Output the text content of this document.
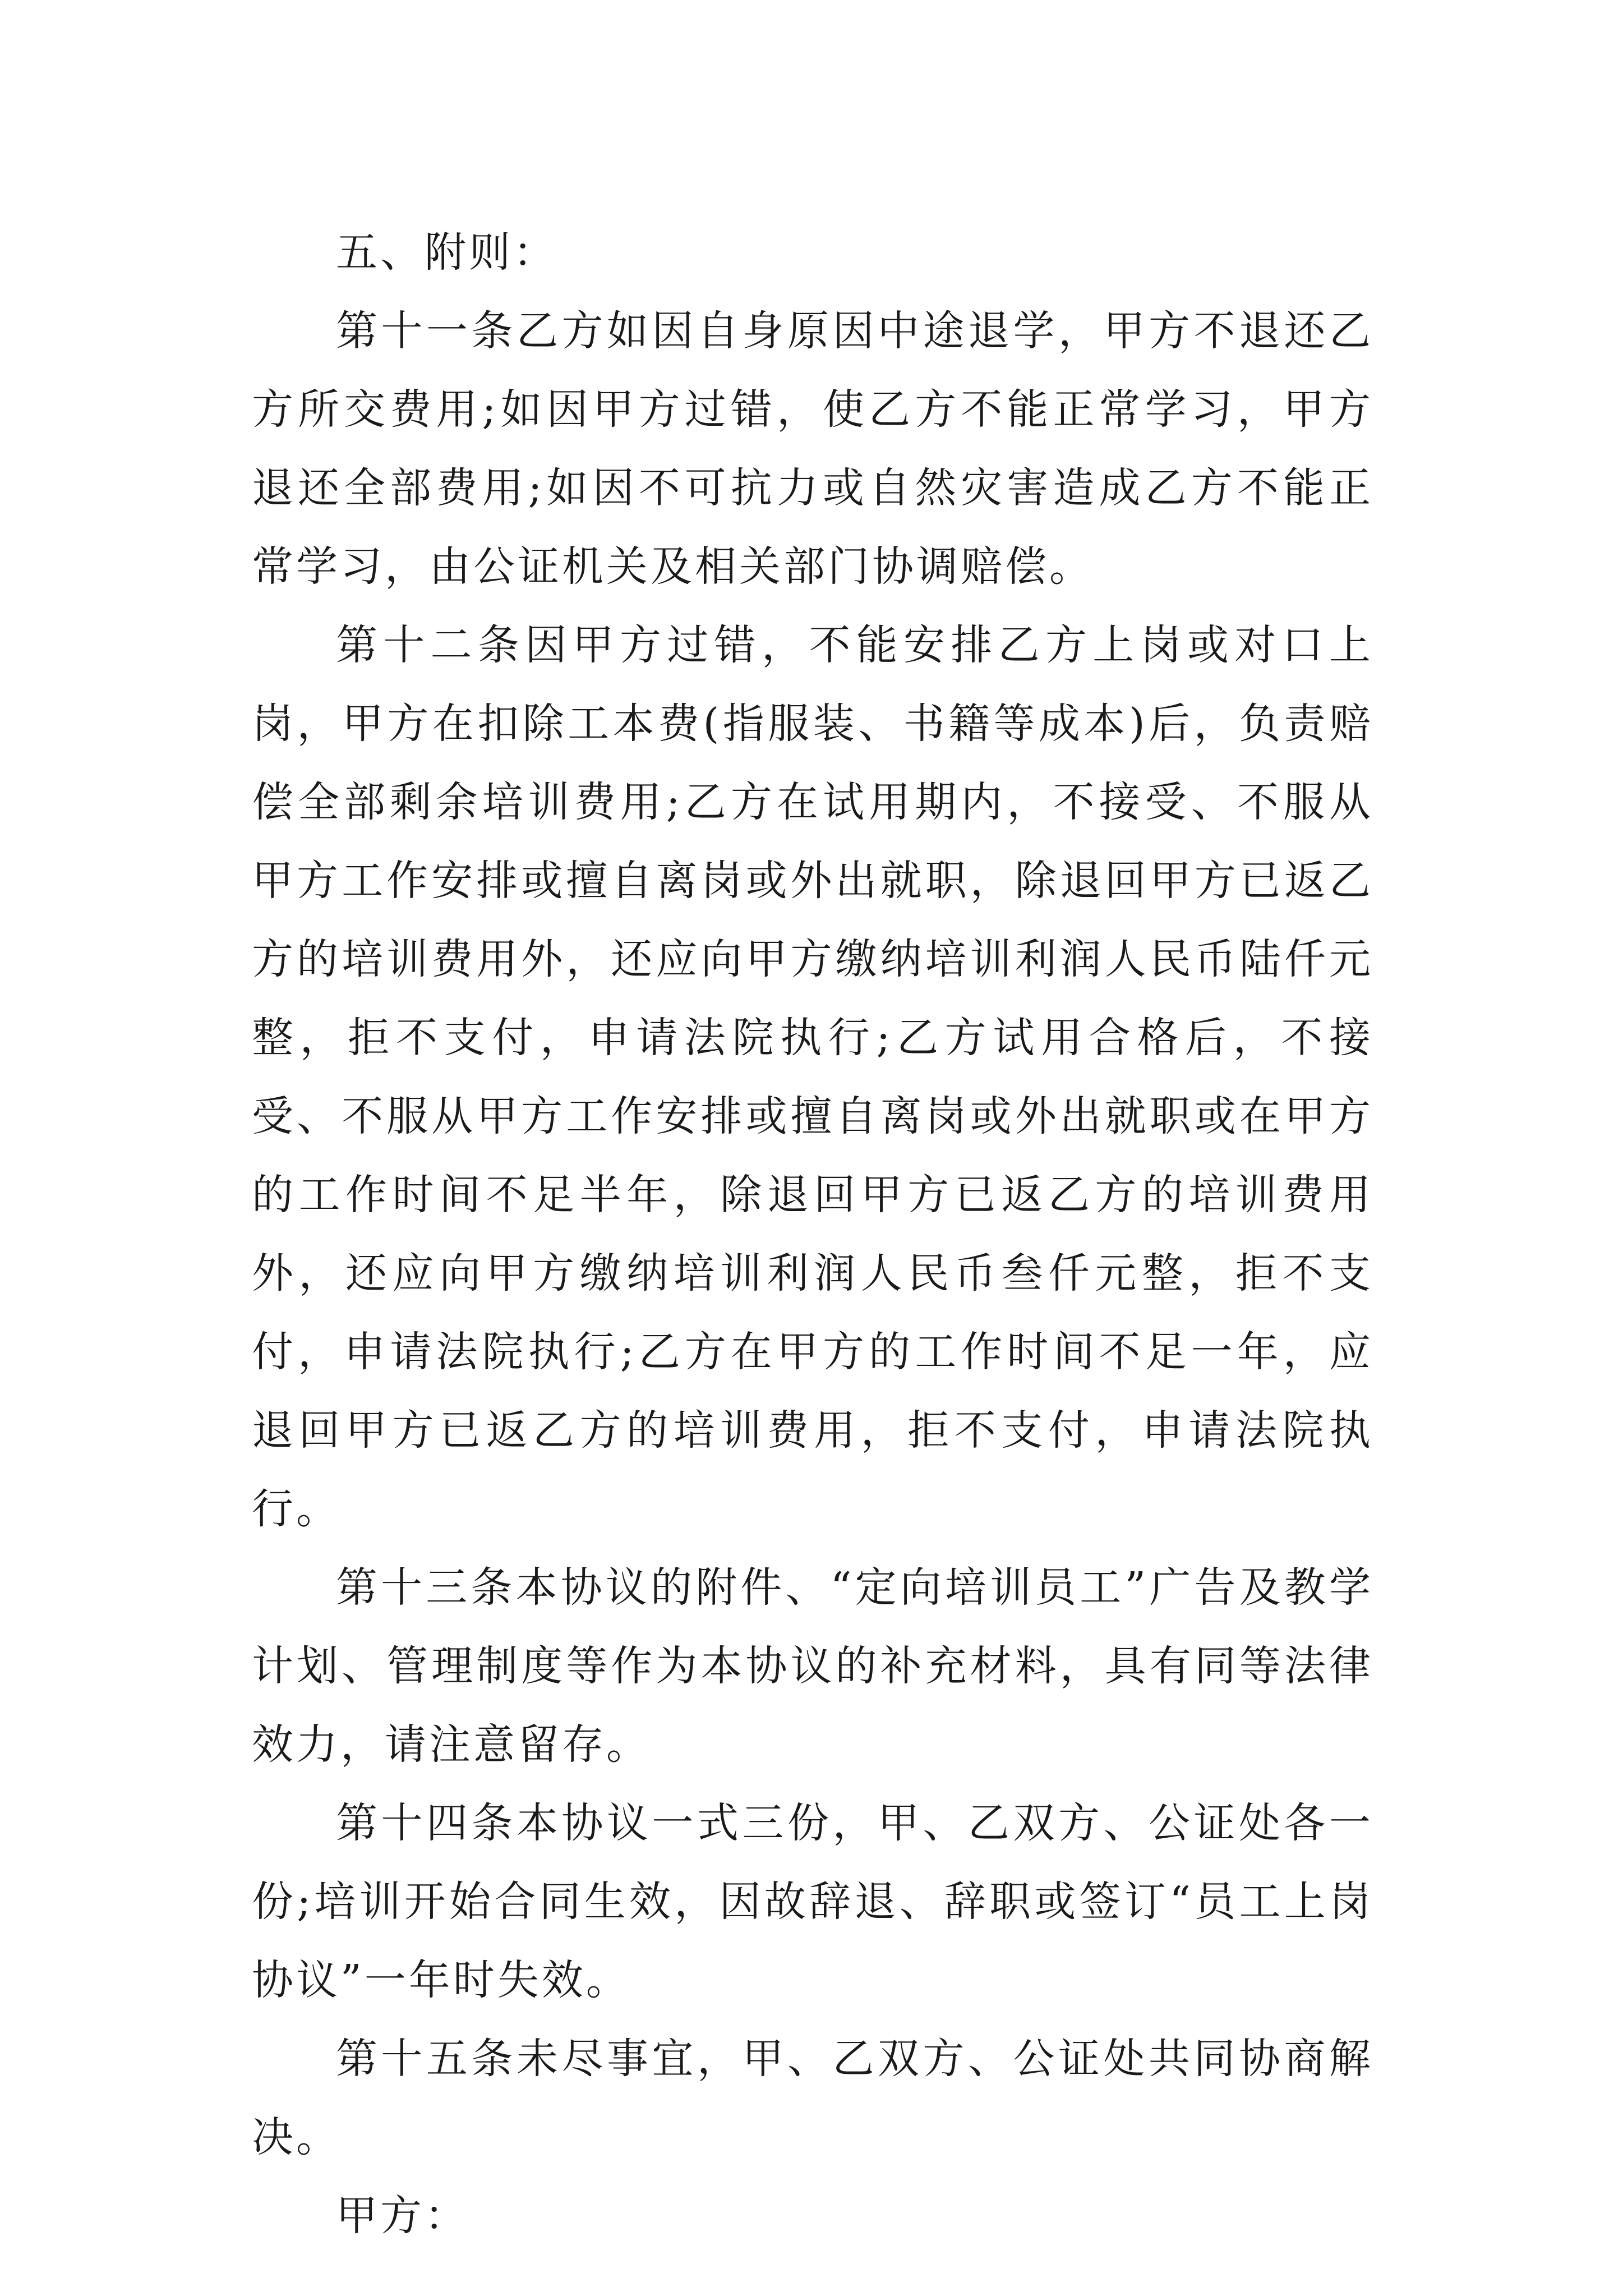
五、附则：

第十一条乙方如因自身原因中途退学，甲方不退还乙方所交费用;如因甲方过错，使乙方不能正常学习，甲方退还全部费用;如因不可抗力或自然灾害造成乙方不能正常学习，由公证机关及相关部门协调赔偿。

第十二条因甲方过错，不能安排乙方上岗或对口上岗，甲方在扣除工本费(指服装、书籍等成本)后，负责赔偿全部剩余培训费用;乙方在试用期内，不接受、不服从甲方工作安排或擅自离岗或外出就职，除退回甲方已返乙方的培训费用外，还应向甲方缴纳培训利润人民币陆仟元整，拒不支付，申请法院执行;乙方试用合格后，不接受、不服从甲方工作安排或擅自离岗或外出就职或在甲方的工作时间不足半年，除退回甲方已返乙方的培训费用外，还应向甲方缴纳培训利润人民币叁仟元整，拒不支付，申请法院执行;乙方在甲方的工作时间不足一年，应退回甲方已返乙方的培训费用，拒不支付，申请法院执行。

第十三条本协议的附件、“定向培训员工”广告及教学计划、管理制度等作为本协议的补充材料，具有同等法律效力，请注意留存。

第十四条本协议一式三份，甲、乙双方、公证处各一份;培训开始合同生效，因故辞退、辞职或签订“员工上岗协议”一年时失效。

第十五条未尽事宜，甲、乙双方、公证处共同协商解决。

甲方：
